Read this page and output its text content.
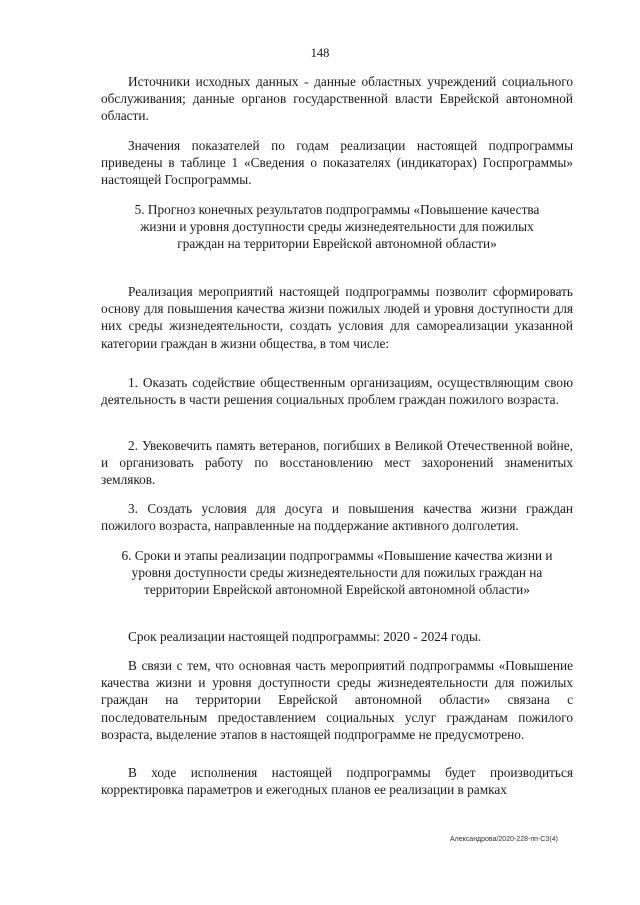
148
Источники исходных данных - данные областных учреждений социального обслуживания; данные органов государственной власти Еврейской автономной области.
Значения показателей по годам реализации настоящей подпрограммы приведены в таблице 1 «Сведения о показателях (индикаторах) Госпрограммы» настоящей Госпрограммы.
5. Прогноз конечных результатов подпрограммы «Повышение качества жизни и уровня доступности среды жизнедеятельности для пожилых граждан на территории Еврейской автономной области»
Реализация мероприятий настоящей подпрограммы позволит сформировать основу для повышения качества жизни пожилых людей и уровня доступности для них среды жизнедеятельности, создать условия для самореализации указанной категории граждан в жизни общества, в том числе:
1. Оказать содействие общественным организациям, осуществляющим свою деятельность в части решения социальных проблем граждан пожилого возраста.
2. Увековечить память ветеранов, погибших в Великой Отечественной войне, и организовать работу по восстановлению мест захоронений знаменитых земляков.
3. Создать условия для досуга и повышения качества жизни граждан пожилого возраста, направленные на поддержание активного долголетия.
6. Сроки и этапы реализации подпрограммы «Повышение качества жизни и уровня доступности среды жизнедеятельности для пожилых граждан на территории Еврейской автономной Еврейской автономной области»
Срок реализации настоящей подпрограммы: 2020 - 2024 годы.
В связи с тем, что основная часть мероприятий подпрограммы «Повышение качества жизни и уровня доступности среды жизнедеятельности для пожилых граждан на территории Еврейской автономной области» связана с последовательным предоставлением социальных услуг гражданам пожилого возраста, выделение этапов в настоящей подпрограмме не предусмотрено.
В ходе исполнения настоящей подпрограммы будет производиться корректировка параметров и ежегодных планов ее реализации в рамках
Александрова/2020-228-пп-СЗ(4)
